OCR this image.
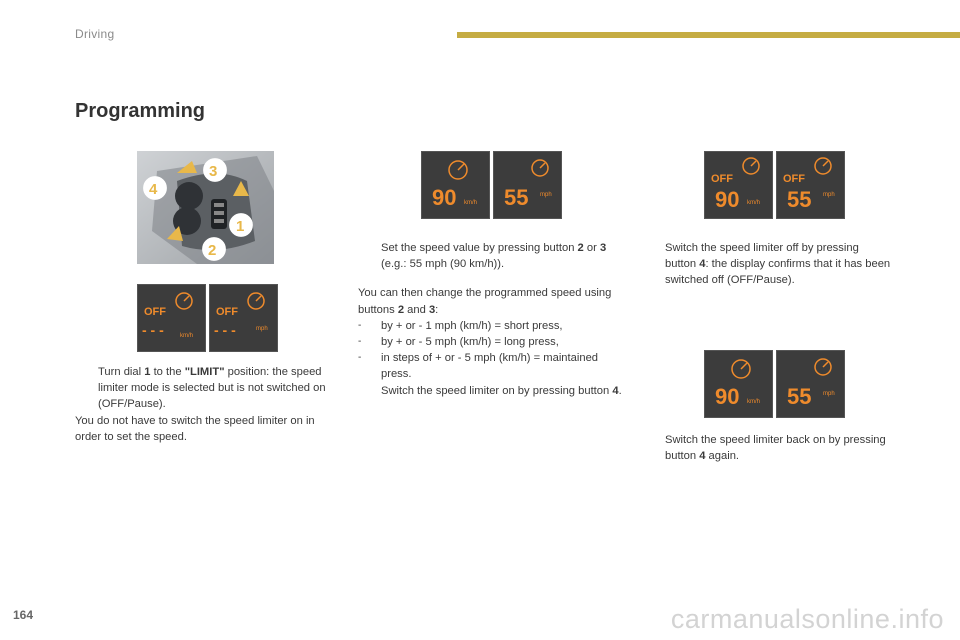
Driving
Programming
3
4
1
2
OFF
- - -	km/h
OFF
- - -	mph
90 km/h 55 mph
OFF
90 km/h
OFF
55 mph
90 km/h 55 mph
Turn dial 1 to the "LIMIT" position: the speed limiter mode is selected but is not switched on (OFF/Pause).

You do not have to switch the speed limiter on in order to set the speed.

Set the speed value by pressing button 2 or 3 (e.g.: 55 mph (90 km/h)).

You can then change the programmed speed using buttons 2 and 3:

-	by + or - 1 mph (km/h) = short press,
-	by + or - 5 mph (km/h) = long press,
-	in steps of + or - 5 mph (km/h) = maintained press.
Switch the speed limiter on by pressing button 4.
Switch the speed limiter off by pressing button 4: the display confirms that it has been switched off (OFF/Pause).
Switch the speed limiter back on by pressing button 4 again.
164	carmanualsonline.info
